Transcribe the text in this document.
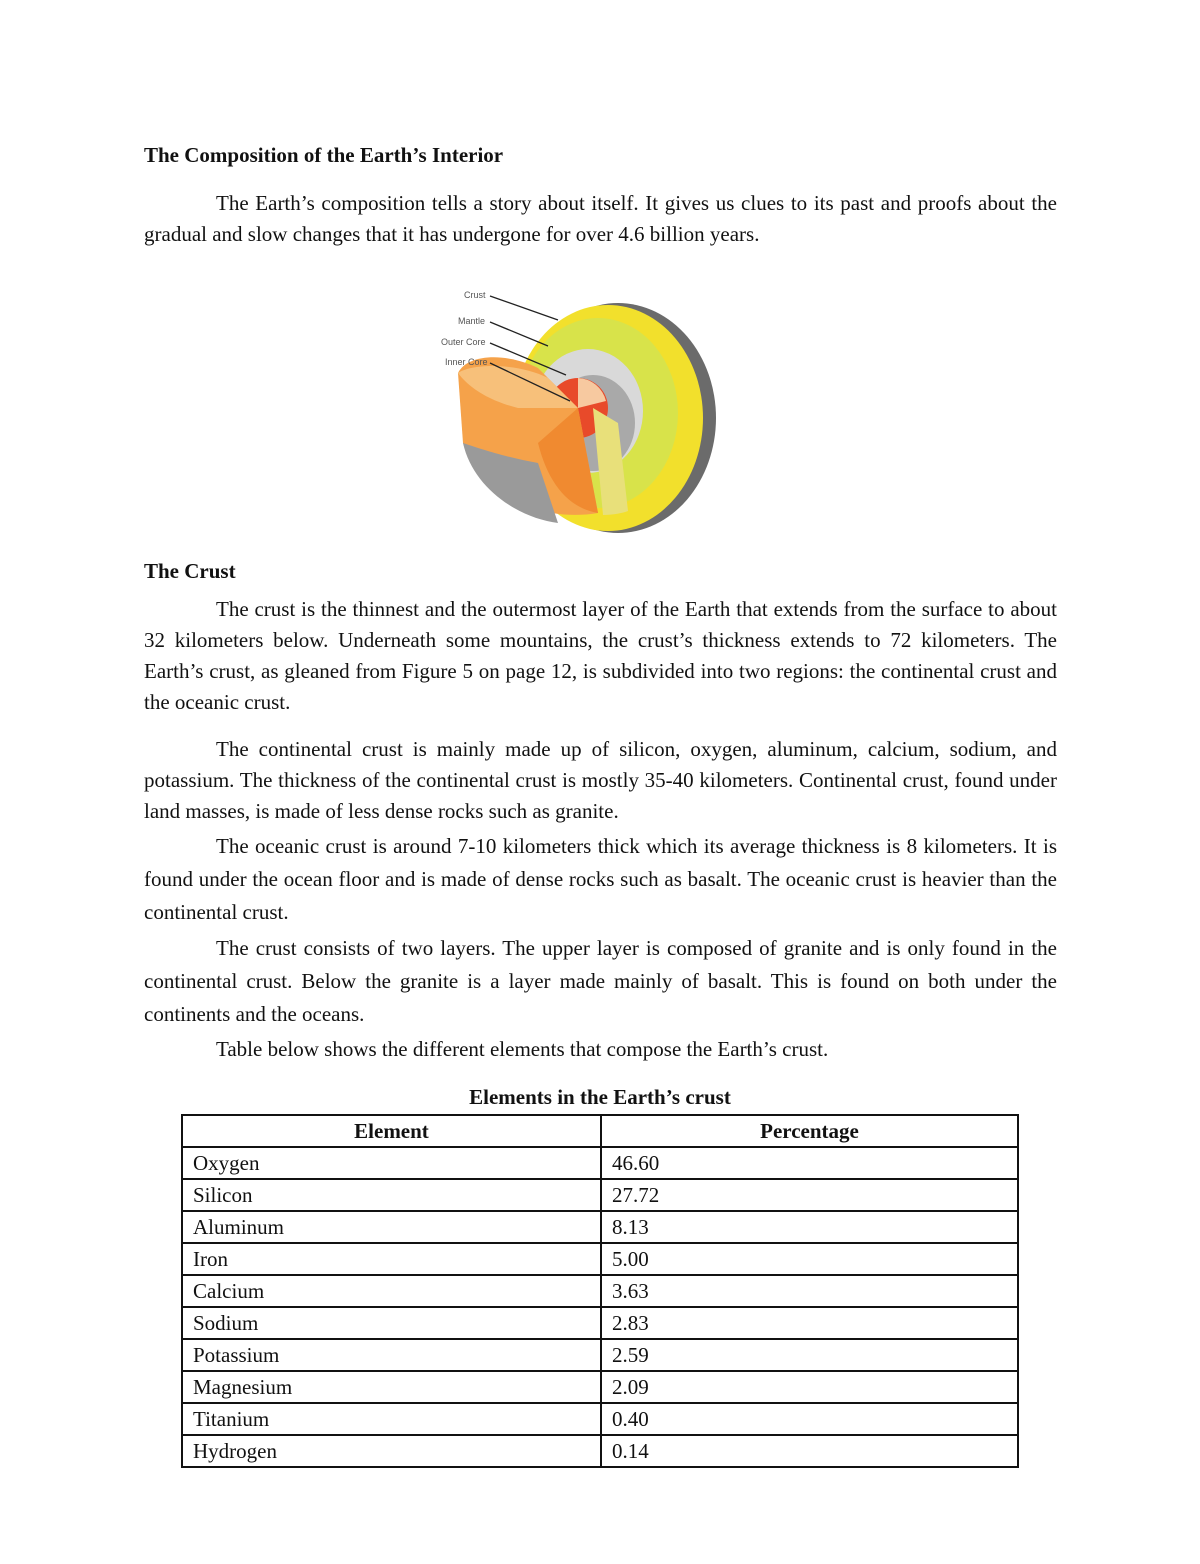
The Composition of the Earth’s Interior

The Earth’s composition tells a story about itself. It gives us clues to its past and proofs about the gradual and slow changes that it has undergone for over 4.6 billion years.

Crust
Mantle
Outer Core
Inner Core
The Crust

The crust is the thinnest and the outermost layer of the Earth that extends from the surface to about 32 kilometers below. Underneath some mountains, the crust’s thickness extends to 72 kilometers. The Earth’s crust, as gleaned from Figure 5 on page 12, is subdivided into two regions: the continental crust and the oceanic crust.

The continental crust is mainly made up of silicon, oxygen, aluminum, calcium, sodium, and potassium. The thickness of the continental crust is mostly 35-40 kilometers. Continental crust, found under land masses, is made of less dense rocks such as granite.

The oceanic crust is around 7-10 kilometers thick which its average thickness is 8 kilometers. It is found under the ocean floor and is made of dense rocks such as basalt. The oceanic crust is heavier than the continental crust.

The crust consists of two layers. The upper layer is composed of granite and is only found in the continental crust. Below the granite is a layer made mainly of basalt. This is found on both under the continents and the oceans.

Table below shows the different elements that compose the Earth’s crust.

Elements in the Earth’s crust
Element	Percentage
Oxygen	46.60
Silicon	27.72
Aluminum	8.13
Iron	5.00
Calcium	3.63
Sodium	2.83
Potassium	2.59
Magnesium	2.09
Titanium	0.40
Hydrogen	0.14
